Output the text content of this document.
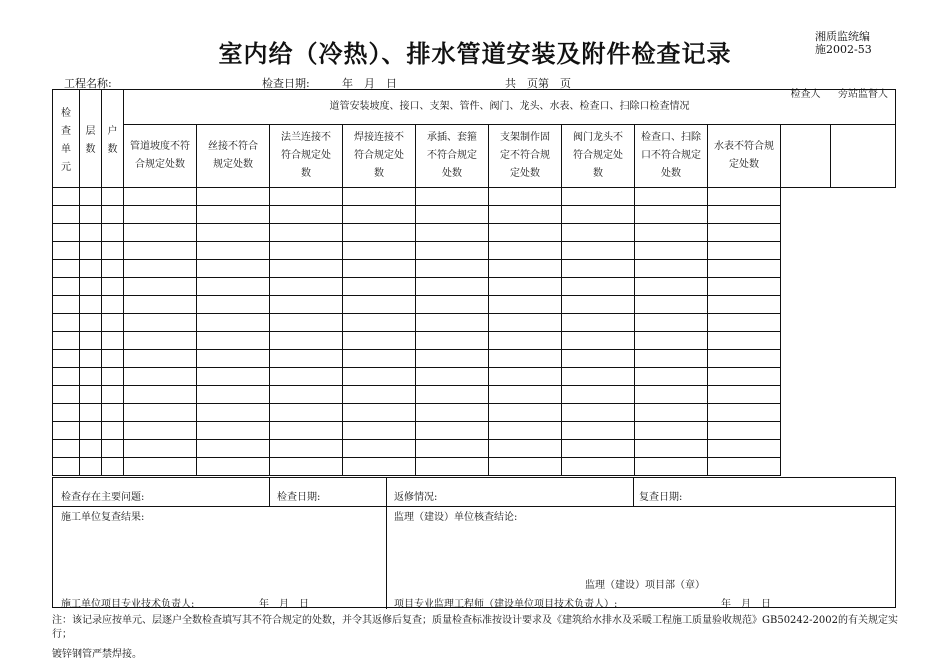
湘质监统编
施2002-53
室内给（冷热）、排水管道安装及附件检查记录
工程名称:	检查日期:	年　月　日	共　页第　页
检查单元	层数	户数	道管安装坡度、接口、支架、管件、阀门、龙头、水表、检查口、扫除口检查情况										

			管道坡度不符合规定处数	丝接不符合规定处数	法兰连接不符合规定处数	焊接连接不符合规定处数	承插、套箍不符合规定处数	支架制作固定不符合规定处数	阀门龙头不符合规定处数	检查口、扫除口不符合规定处数	水表不符合规定处数	检查人	旁站监督人

检查存在主要问题:	检查日期:	返修情况:	复查日期:
施工单位复查结果:	监理（建设）单位核查结论:
监理（建设）项目部（章）
施工单位项目专业技术负责人:	年　月　日	项目专业监理工程师（建设单位项目技术负责人）:	年　月　日
注：该记录应按单元、层逐户全数检查填写其不符合规定的处数，并令其返修后复查；质量检查标准按设计要求及《建筑给水排水及采暖工程施工质量验收规范》GB50242-2002的有关规定实行；
镀锌钢管严禁焊接。
